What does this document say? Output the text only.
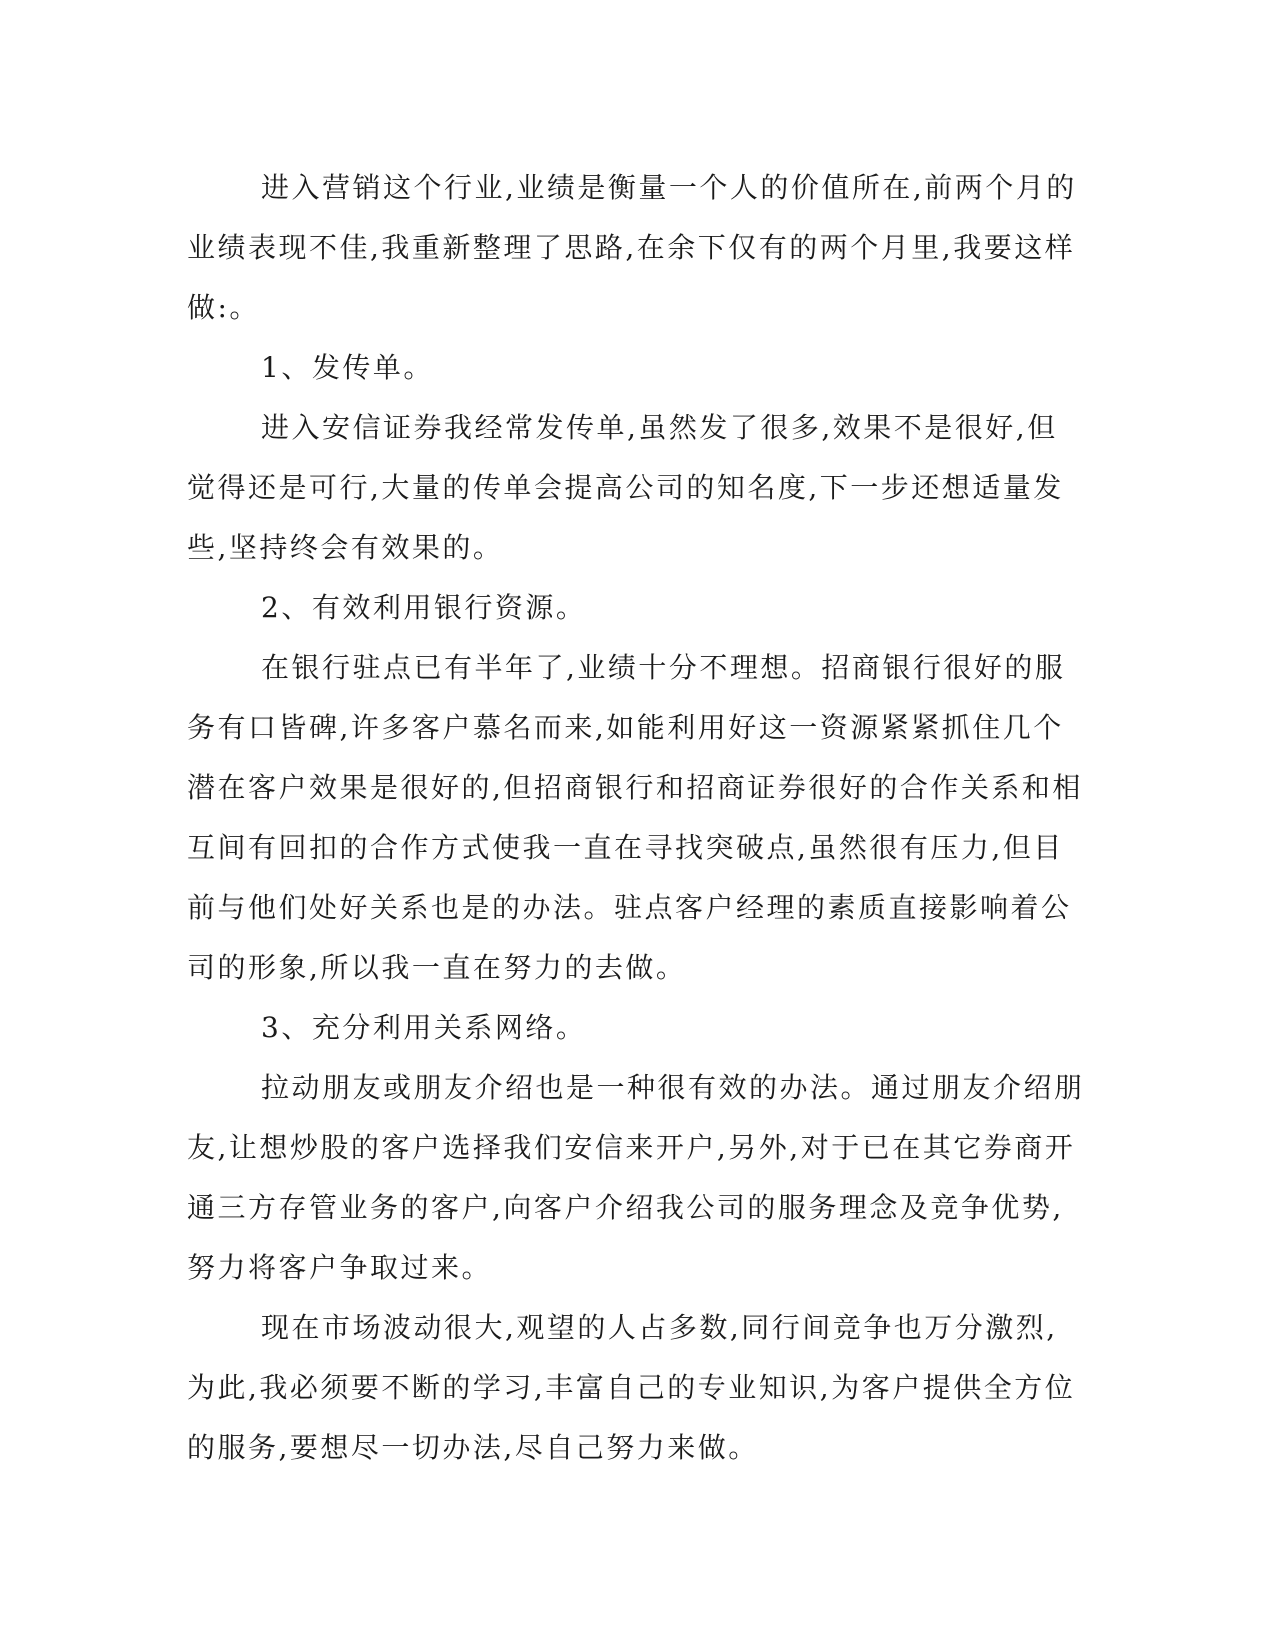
进入营销这个行业,业绩是衡量一个人的价值所在,前两个月的业绩表现不佳,我重新整理了思路,在余下仅有的两个月里,我要这样做:。

1、发传单。

进入安信证券我经常发传单,虽然发了很多,效果不是很好,但觉得还是可行,大量的传单会提高公司的知名度,下一步还想适量发些,坚持终会有效果的。

2、有效利用银行资源。

在银行驻点已有半年了,业绩十分不理想。招商银行很好的服务有口皆碑,许多客户慕名而来,如能利用好这一资源紧紧抓住几个潜在客户效果是很好的,但招商银行和招商证券很好的合作关系和相互间有回扣的合作方式使我一直在寻找突破点,虽然很有压力,但目前与他们处好关系也是的办法。驻点客户经理的素质直接影响着公司的形象,所以我一直在努力的去做。

3、充分利用关系网络。

拉动朋友或朋友介绍也是一种很有效的办法。通过朋友介绍朋友,让想炒股的客户选择我们安信来开户,另外,对于已在其它券商开通三方存管业务的客户,向客户介绍我公司的服务理念及竞争优势,努力将客户争取过来。

现在市场波动很大,观望的人占多数,同行间竞争也万分激烈,为此,我必须要不断的学习,丰富自己的专业知识,为客户提供全方位的服务,要想尽一切办法,尽自己努力来做。
